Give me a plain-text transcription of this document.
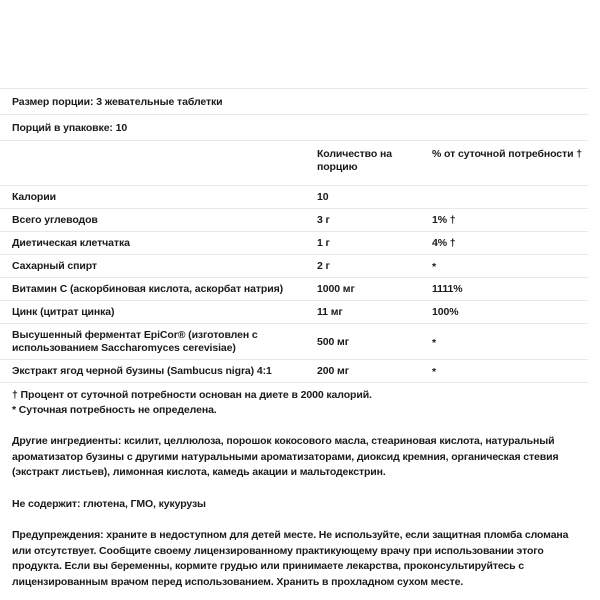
Размер порции: 3 жевательные таблетки
Порций в упаковке: 10
	Количество на порцию	% от суточной потребности †
Калории	10	
Всего углеводов	3 г	1% †
Диетическая клетчатка	1 г	4% †
Сахарный спирт	2 г	*
Витамин С (аскорбиновая кислота, аскорбат натрия)	1000 мг	1111%
Цинк (цитрат цинка)	11 мг	100%
Высушенный ферментат EpiCor® (изготовлен с использованием Saccharomyces cerevisiae)	500 мг	*
Экстракт ягод черной бузины (Sambucus nigra) 4:1	200 мг	*

† Процент от суточной потребности основан на диете в 2000 калорий.

* Суточная потребность не определена.

Другие ингредиенты: ксилит, целлюлоза, порошок кокосового масла, стеариновая кислота, натуральный ароматизатор бузины с другими натуральными ароматизаторами, диоксид кремния, органическая стевия (экстракт листьев), лимонная кислота, камедь акации и мальтодекстрин.

Не содержит: глютена, ГМО, кукурузы

Предупреждения: храните в недоступном для детей месте. Не используйте, если защитная пломба сломана или отсутствует. Сообщите своему лицензированному практикующему врачу при использовании этого продукта. Если вы беременны, кормите грудью или принимаете лекарства, проконсультируйтесь с лицензированным врачом перед использованием. Хранить в прохладном сухом месте.
